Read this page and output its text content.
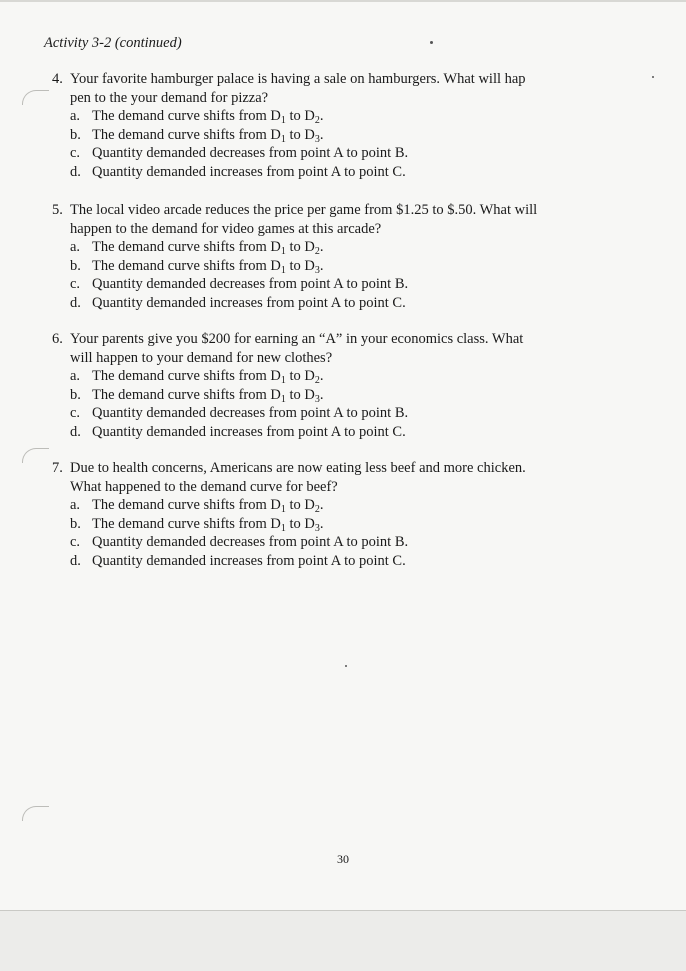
Activity 3-2 (continued)
4. Your favorite hamburger palace is having a sale on hamburgers. What will hap
pen to the your demand for pizza?
a. The demand curve shifts from $D_1$ to $D_2$.
b. The demand curve shifts from $D_1$ to $D_3$.
c. Quantity demanded decreases from point A to point B.
d. Quantity demanded increases from point A to point C.
5. The local video arcade reduces the price per game from $1.25 to $.50. What will
happen to the demand for video games at this arcade?
a. The demand curve shifts from $D_1$ to $D_2$.
b. The demand curve shifts from $D_1$ to $D_3$.
c. Quantity demanded decreases from point A to point B.
d. Quantity demanded increases from point A to point C.
6. Your parents give you $200 for earning an “A” in your economics class. What
will happen to your demand for new clothes?
a. The demand curve shifts from $D_1$ to $D_2$.
b. The demand curve shifts from $D_1$ to $D_3$.
c. Quantity demanded decreases from point A to point B.
d. Quantity demanded increases from point A to point C.
7. Due to health concerns, Americans are now eating less beef and more chicken.
What happened to the demand curve for beef?
a. The demand curve shifts from $D_1$ to $D_2$.
b. The demand curve shifts from $D_1$ to $D_3$.
c. Quantity demanded decreases from point A to point B.
d. Quantity demanded increases from point A to point C.
30
